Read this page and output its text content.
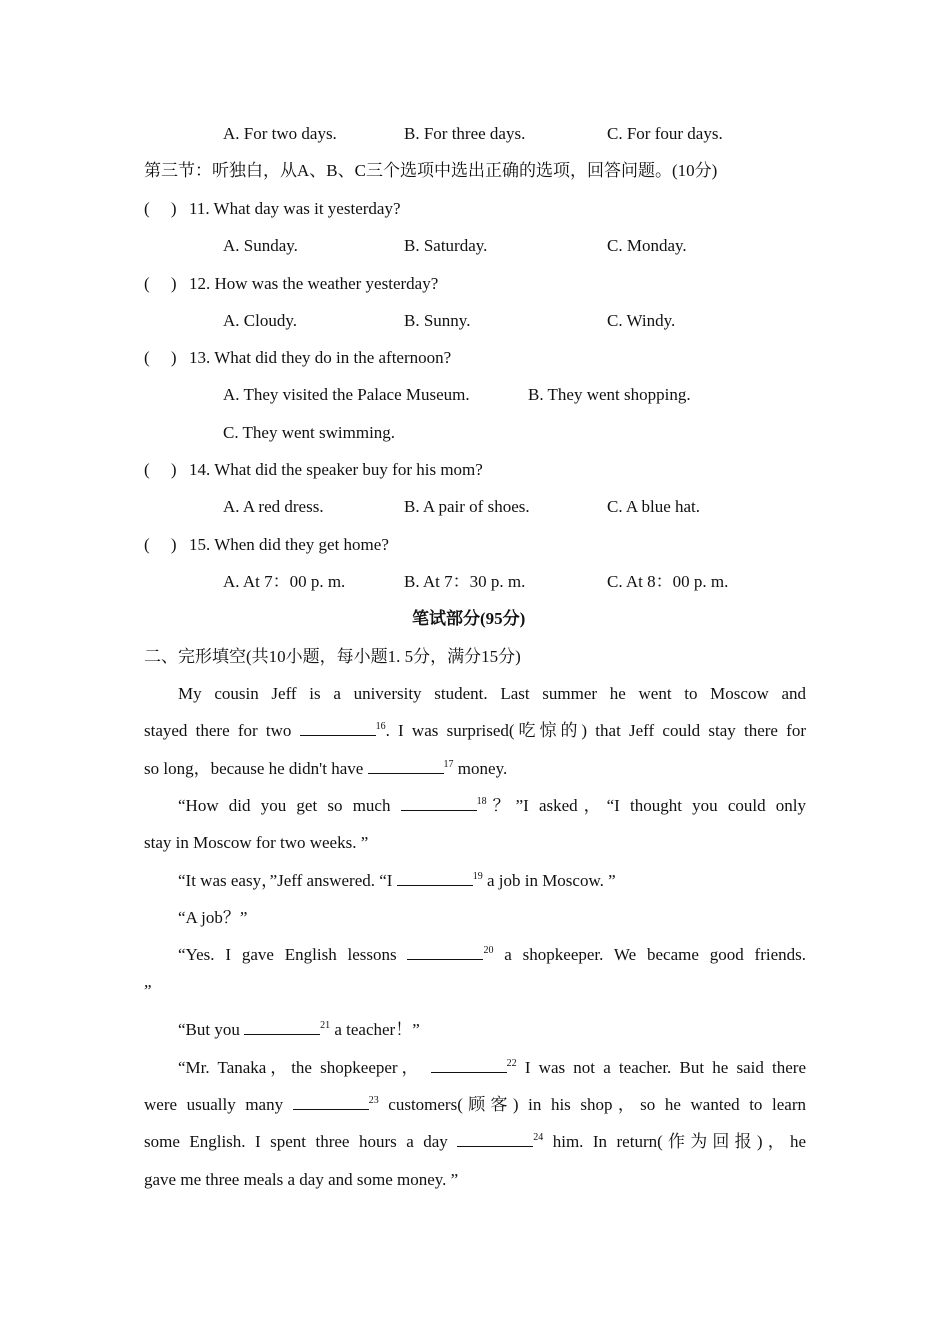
A. For two days.	B. For three days.	C. For four days.
第三节：听独白，从A、B、C三个选项中选出正确的选项，回答问题。(10分)
(     ) 11. What day was it yesterday?
A. Sunday.	B. Saturday.	C. Monday.
(     ) 12. How was the weather yesterday?
A. Cloudy.	B. Sunny.	C. Windy.
(     ) 13. What did they do in the afternoon?
A. They visited the Palace Museum.	B. They went shopping.
C. They went swimming.
(     ) 14. What did the speaker buy for his mom?
A. A red dress.	B. A pair of shoes.	C. A blue hat.
(     ) 15. When did they get home?
A. At 7：00 p. m.	B. At 7：30 p. m.	C. At 8：00 p. m.
笔试部分(95分)
二、完形填空(共10小题，每小题1. 5分，满分15分)
My cousin Jeff is a university student. Last summer he went to Moscow and
stayed there for two	$^{16}$. I was surprised(吃惊的) that Jeff could stay there for
so long，because he didn't have	$^{17}$ money.
“How did you get so much	$^{18}$？”I asked，“I thought you could only
stay in Moscow for two weeks. ”
“It was easy，”Jeff answered. “I	$^{19}$ a job in Moscow. ”
“A job？”
“Yes. I gave English lessons	$^{20}$ a shopkeeper. We became good friends.
”
“But you	$^{21}$ a teacher！”
“Mr. Tanaka，the shopkeeper，	$^{22}$ I was not a teacher. But he said there
were usually many	$^{23}$ customers(顾客) in his shop，so he wanted to learn
some English. I spent three hours a day	$^{24}$ him. In return(作为回报)，he
gave me three meals a day and some money. ”
